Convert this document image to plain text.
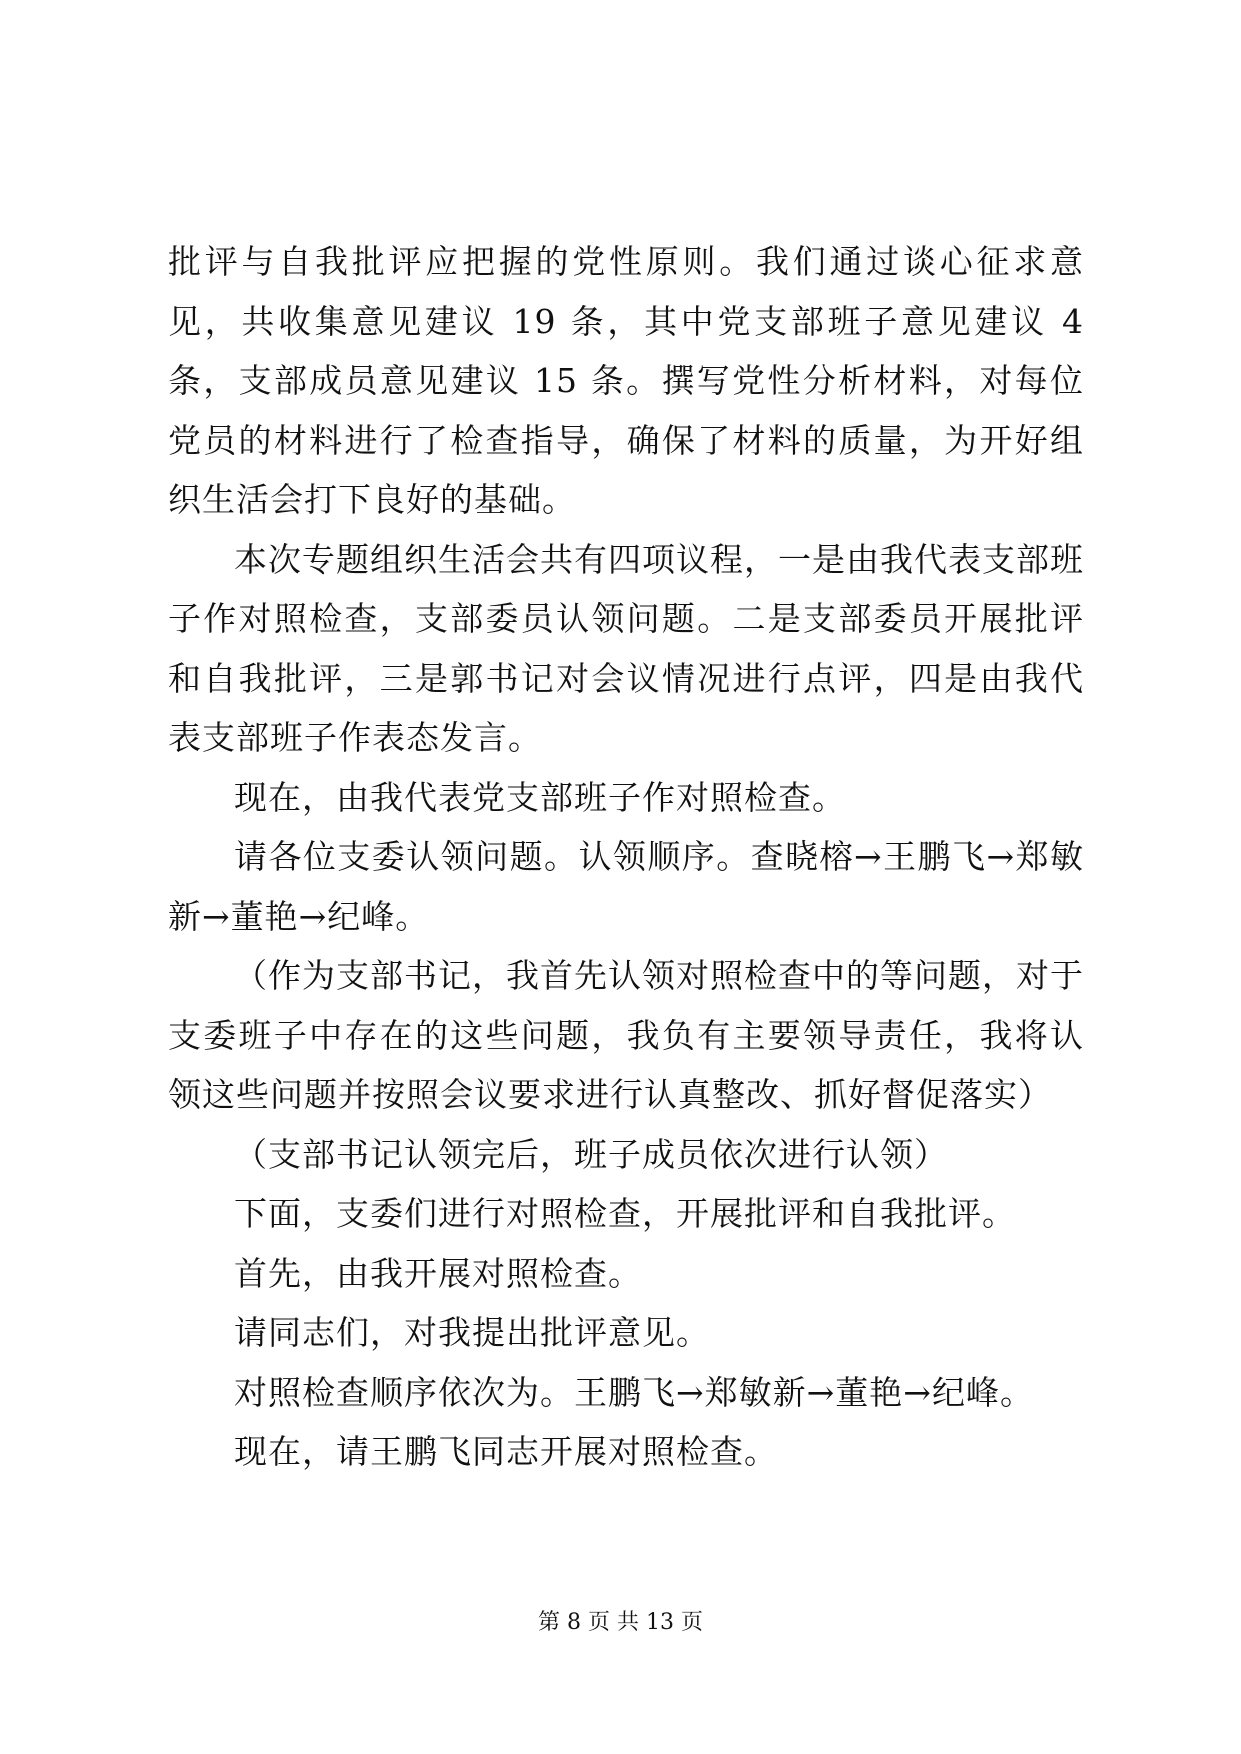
批评与自我批评应把握的党性原则。我们通过谈心征求意见，共收集意见建议 19 条，其中党支部班子意见建议 4 条，支部成员意见建议 15 条。撰写党性分析材料，对每位党员的材料进行了检查指导，确保了材料的质量，为开好组织生活会打下良好的基础。

本次专题组织生活会共有四项议程，一是由我代表支部班子作对照检查，支部委员认领问题。二是支部委员开展批评和自我批评，三是郭书记对会议情况进行点评，四是由我代表支部班子作表态发言。

现在，由我代表党支部班子作对照检查。

请各位支委认领问题。认领顺序。查晓榕→王鹏飞→郑敏新→董艳→纪峰。

（作为支部书记，我首先认领对照检查中的等问题，对于支委班子中存在的这些问题，我负有主要领导责任，我将认领这些问题并按照会议要求进行认真整改、抓好督促落实）

（支部书记认领完后，班子成员依次进行认领）

下面，支委们进行对照检查，开展批评和自我批评。

首先，由我开展对照检查。

请同志们，对我提出批评意见。

对照检查顺序依次为。王鹏飞→郑敏新→董艳→纪峰。

现在，请王鹏飞同志开展对照检查。

第 8 页 共 13 页
